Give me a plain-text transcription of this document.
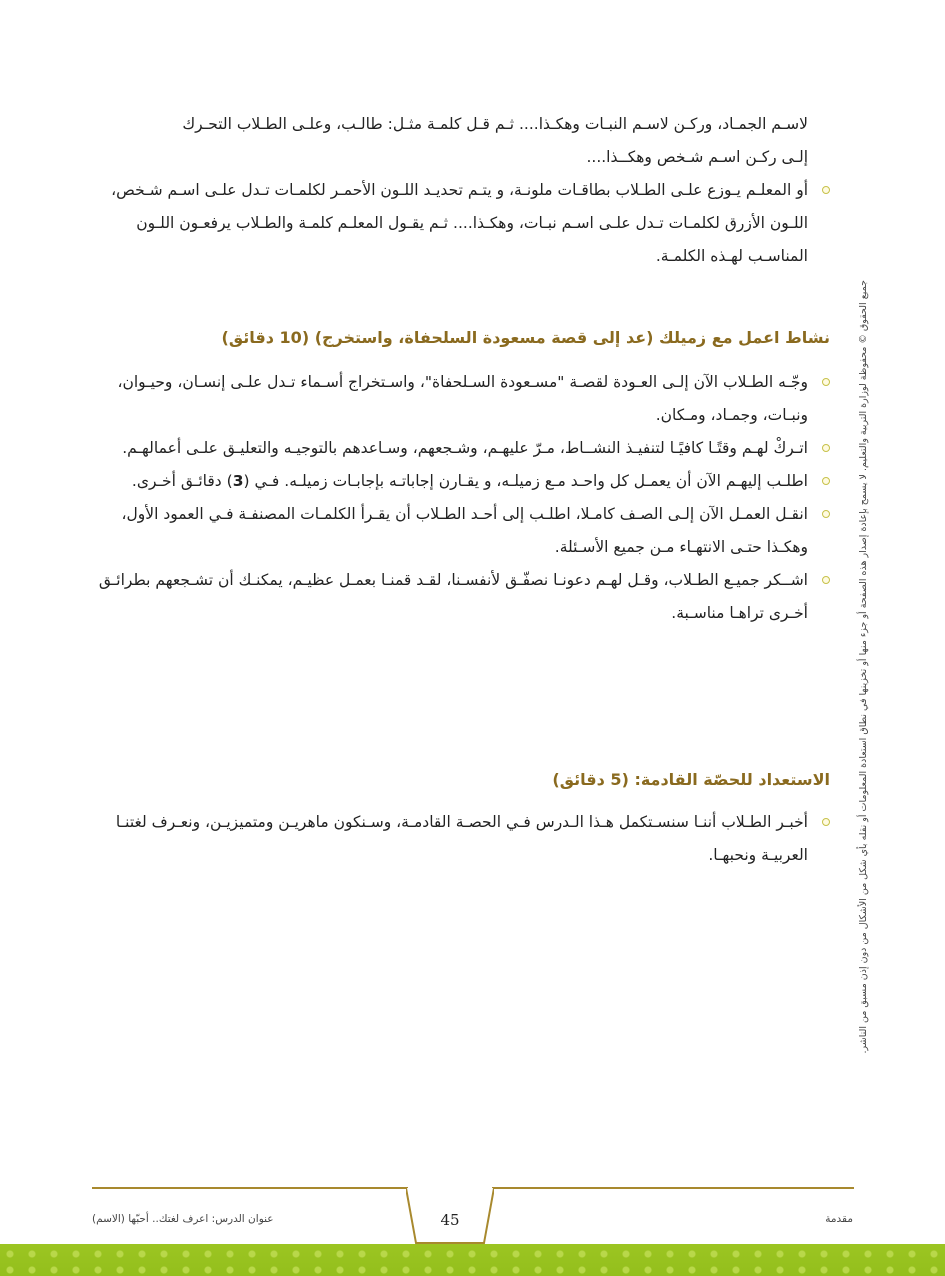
لاسـم الجمـاد، وركـن لاسـم النبـات وهكـذا.... ثـم قـل كلمـة مثـل: طالـب، وعلـى الطـلاب التحـرك
إلـى ركـن اسـم شـخص وهكــذا....

أو المعلـم يـوزع علـى الطـلاب بطاقـات ملونـة، و يتـم تحديـد اللـون الأحمـر لكلمـات تـدل علـى اسـم شـخص، اللـون الأزرق لكلمـات تـدل علـى اسـم نبـات، وهكـذا.... ثـم يقـول المعلـم كلمـة والطـلاب يرفعـون اللـون المناسـب لهـذه الكلمـة.

نشاط اعمل مع زميلك (عد إلى قصة مسعودة السلحفاة، واستخرج) (10 دقائق)

وجّـه الطـلاب الآن إلـى العـودة لقصـة "مسـعودة السـلحفاة"، واسـتخراج أسـماء تـدل علـى إنسـان، وحيـوان، ونبـات، وجمـاد، ومـكان.

اتـركْ لهـم وقتًـا كافيًـا لتنفيـذ النشــاط، مـرّ عليهـم، وشـجعهم، وسـاعدهم بالتوجيـه والتعليـق علـى أعمالهـم.

اطلـب إليهـم الآن أن يعمـل كل واحـد مـع زميلـه، و يقـارن إجاباتـه بإجابـات زميلـه. فـي (3) دقائـق أخـرى.

انقـل العمـل الآن إلـى الصـف كامـلا، اطلـب إلى أحـد الطـلاب أن يقـرأ الكلمـات المصنفـة فـي العمود الأول، وهكـذا حتـى الانتهـاء مـن جميع الأسـئلة.

اشــكر جميـع الطـلاب، وقـل لهـم دعونـا نصفّـق لأنفسـنا، لقـد قمنـا بعمـل عظيـم، يمكنـك أن تشـجعهم بطرائـق أخـرى تراهـا مناسـبة.

الاستعداد للحصّة القادمة: (5 دقائق)

أخبـر الطـلاب أننـا سنسـتكمل هـذا الـدرس فـي الحصـة القادمـة، وسـنكون ماهريـن ومتميزيـن، ونعـرف لغتنـا العربيـة ونحبهـا.	جميع الحقوق © محفوظة لوزارة التربية والتعليم. لا يسمح بإعادة إصدار هذه الصفحة أو جزء منها أو تخزينها في نطاق استعادة المعلومات أو نقله بأي شكل من الأشكال من دون إذن مسبق من الناشر.
45
عنوان الدرس: اعرف لغتك.. أحبّها (الاسم)	مقدمة
